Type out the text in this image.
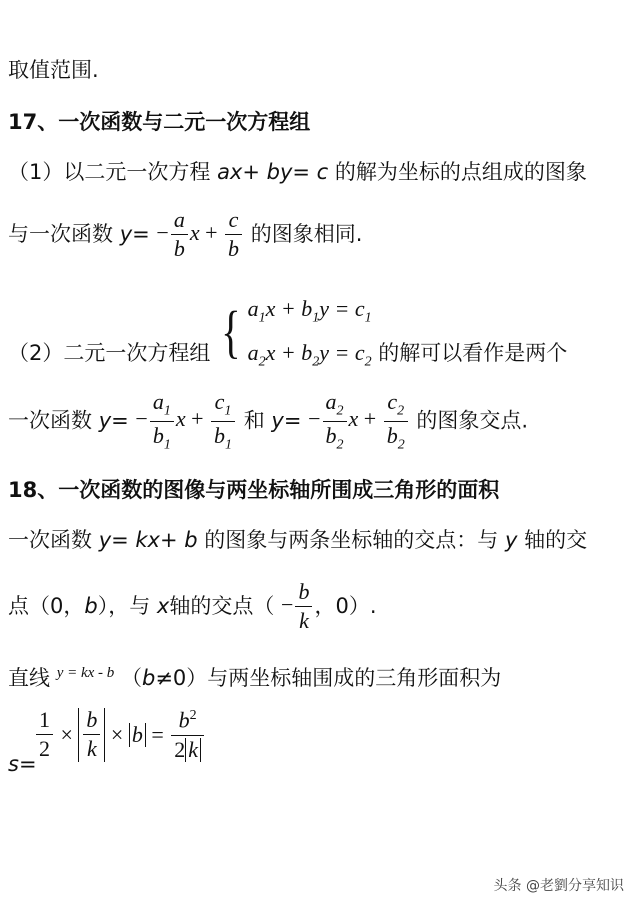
取值范围.
17、一次函数与二元一次方程组
（1）以二元一次方程 ax+ by= c 的解为坐标的点组成的图象
与一次函数 $y= - \frac{a}{b}$ $x + \frac{c}{b}$ 的图象相同.
（2）二元一次方程组 { $a_1x + b_1y = c_1$
$a_2x + b_2y = c_2$ 的解可以看作是两个
一次函数 $y= - \frac{a_1}{b_1}$ $x + \frac{c_1}{b_1}$ 和 $y= - \frac{a_2}{b_2}$ $x + \frac{c_2}{b_2}$ 的图象交点.
18、一次函数的图像与两坐标轴所围成三角形的面积
一次函数 y= kx+ b 的图象与两条坐标轴的交点：与 y 轴的交
点（0，b），与 x轴的交点（ − $\frac{b}{k}$ ，0）.
直线 $^{y = kx - b}$ （b≠0）与两坐标轴围成的三角形面积为
s=
$\frac{1}{2} \times \frac{b}{k} \times b = \frac{b^2}{2 k}$
头条 @老劉分享知识
